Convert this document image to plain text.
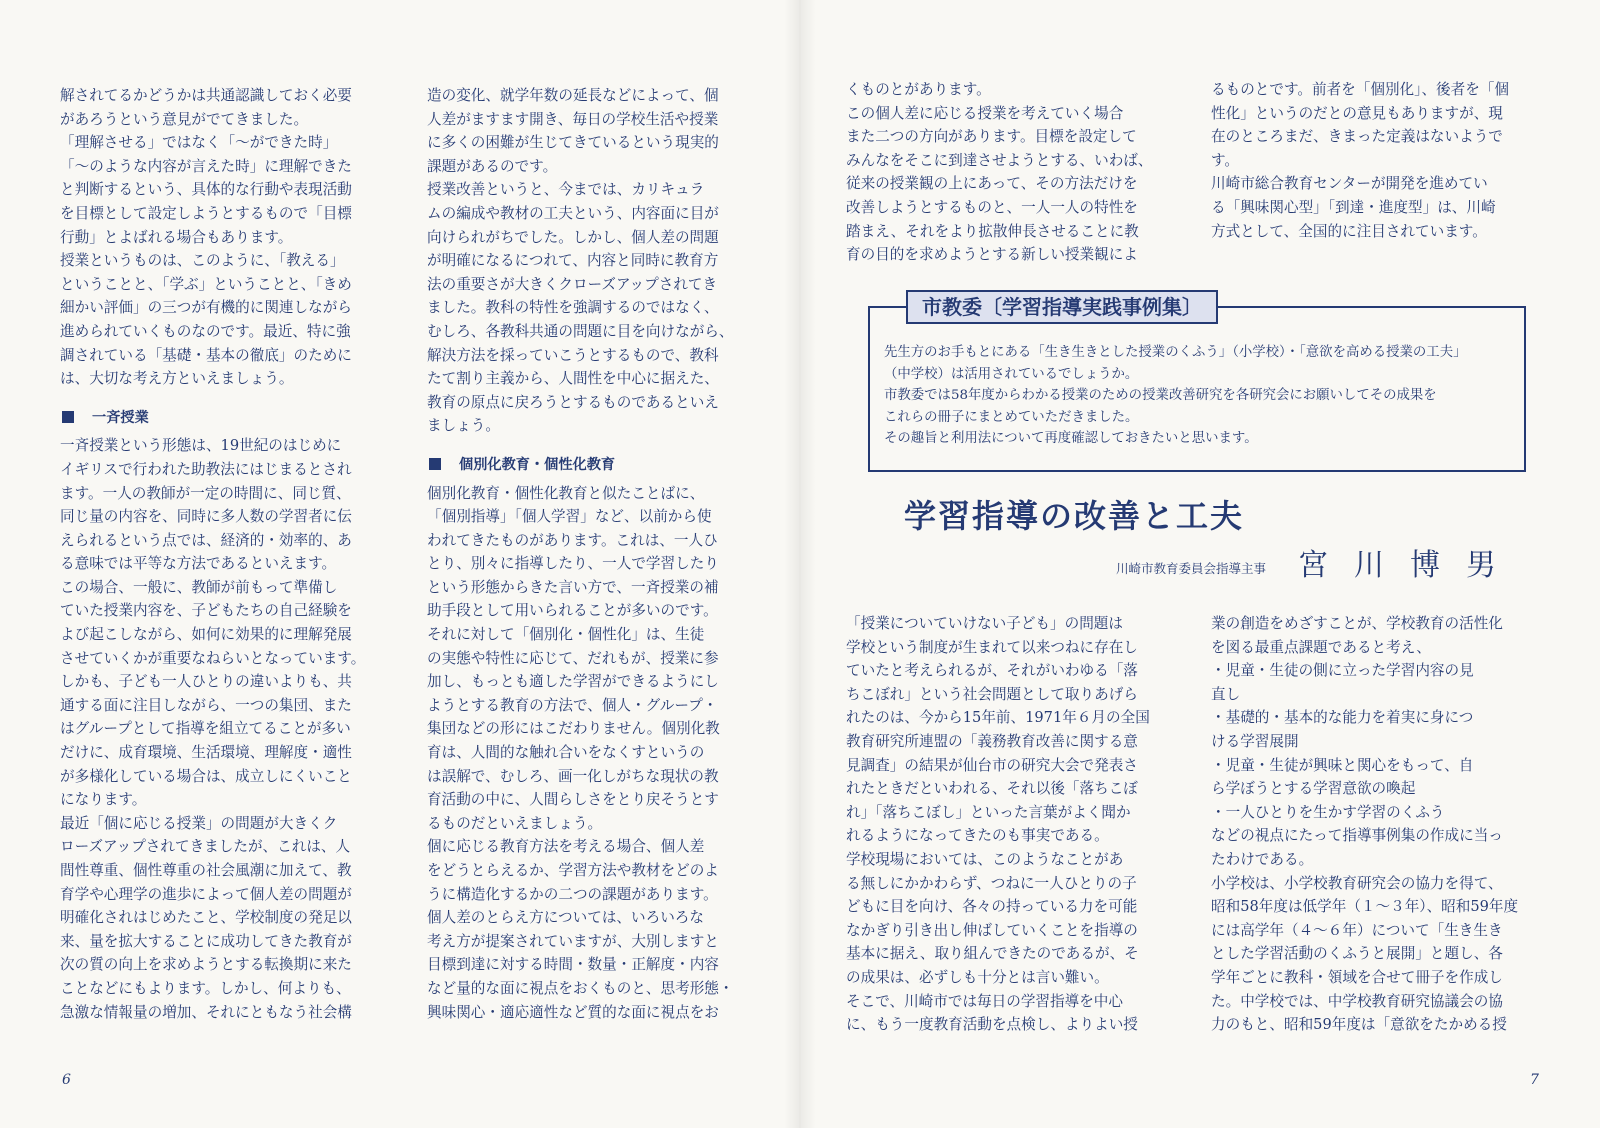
解されてるかどうかは共通認識しておく必要
があろうという意見がでてきました。
「理解させる」ではなく「～ができた時」
「～のような内容が言えた時」に理解できた
と判断するという、具体的な行動や表現活動
を目標として設定しようとするもので「目標
行動」とよばれる場合もあります。
授業というものは、このように、「教える」
ということと、「学ぶ」ということと、「きめ
細かい評価」の三つが有機的に関連しながら
進められていくものなのです。最近、特に強
調されている「基礎・基本の徹底」のために
は、大切な考え方といえましょう。
一斉授業
一斉授業という形態は、19世紀のはじめに
イギリスで行われた助教法にはじまるとされ
ます。一人の教師が一定の時間に、同じ質、
同じ量の内容を、同時に多人数の学習者に伝
えられるという点では、経済的・効率的、あ
る意味では平等な方法であるといえます。
この場合、一般に、教師が前もって準備し
ていた授業内容を、子どもたちの自己経験を
よび起こしながら、如何に効果的に理解発展
させていくかが重要なねらいとなっています。
しかも、子ども一人ひとりの違いよりも、共
通する面に注目しながら、一つの集団、また
はグループとして指導を組立てることが多い
だけに、成育環境、生活環境、理解度・適性
が多様化している場合は、成立しにくいこと
になります。
最近「個に応じる授業」の問題が大きくク
ローズアップされてきましたが、これは、人
間性尊重、個性尊重の社会風潮に加えて、教
育学や心理学の進歩によって個人差の問題が
明確化されはじめたこと、学校制度の発足以
来、量を拡大することに成功してきた教育が
次の質の向上を求めようとする転換期に来た
ことなどにもよります。しかし、何よりも、
急激な情報量の増加、それにともなう社会構
造の変化、就学年数の延長などによって、個
人差がますます開き、毎日の学校生活や授業
に多くの困難が生じてきているという現実的
課題があるのです。
授業改善というと、今までは、カリキュラ
ムの編成や教材の工夫という、内容面に目が
向けられがちでした。しかし、個人差の問題
が明確になるにつれて、内容と同時に教育方
法の重要さが大きくクローズアップされてき
ました。教科の特性を強調するのではなく、
むしろ、各教科共通の問題に目を向けながら、
解決方法を採っていこうとするもので、教科
たて割り主義から、人間性を中心に据えた、
教育の原点に戻ろうとするものであるといえ
ましょう。
個別化教育・個性化教育
個別化教育・個性化教育と似たことばに、
「個別指導」「個人学習」など、以前から使
われてきたものがあります。これは、一人ひ
とり、別々に指導したり、一人で学習したり
という形態からきた言い方で、一斉授業の補
助手段として用いられることが多いのです。
それに対して「個別化・個性化」は、生徒
の実態や特性に応じて、だれもが、授業に参
加し、もっとも適した学習ができるようにし
ようとする教育の方法で、個人・グループ・
集団などの形にはこだわりません。個別化教
育は、人間的な触れ合いをなくすというの
は誤解で、むしろ、画一化しがちな現状の教
育活動の中に、人間らしさをとり戻そうとす
るものだといえましょう。
個に応じる教育方法を考える場合、個人差
をどうとらえるか、学習方法や教材をどのよ
うに構造化するかの二つの課題があります。
個人差のとらえ方については、いろいろな
考え方が提案されていますが、大別しますと
目標到達に対する時間・数量・正解度・内容
など量的な面に視点をおくものと、思考形態・
興味関心・適応適性など質的な面に視点をお
6
くものとがあります。
この個人差に応じる授業を考えていく場合
また二つの方向があります。目標を設定して
みんなをそこに到達させようとする、いわば、
従来の授業観の上にあって、その方法だけを
改善しようとするものと、一人一人の特性を
踏まえ、それをより拡散伸長させることに教
育の目的を求めようとする新しい授業観によ
るものとです。前者を「個別化」、後者を「個
性化」というのだとの意見もありますが、現
在のところまだ、きまった定義はないようで
す。
川崎市総合教育センターが開発を進めてい
る「興味関心型」「到達・進度型」は、川崎
方式として、全国的に注目されています。
市教委〔学習指導実践事例集〕
先生方のお手もとにある「生き生きとした授業のくふう」（小学校）・「意欲を高める授業の工夫」
（中学校）は活用されているでしょうか。
市教委では58年度からわかる授業のための授業改善研究を各研究会にお願いしてその成果を
これらの冊子にまとめていただきました。
その趣旨と利用法について再度確認しておきたいと思います。
学習指導の改善と工夫
川崎市教育委員会指導主事 宮川博男
「授業についていけない子ども」の問題は
学校という制度が生まれて以来つねに存在し
ていたと考えられるが、それがいわゆる「落
ちこぼれ」という社会問題として取りあげら
れたのは、今から15年前、1971年６月の全国
教育研究所連盟の「義務教育改善に関する意
見調査」の結果が仙台市の研究大会で発表さ
れたときだといわれる、それ以後「落ちこぼ
れ」「落ちこぼし」といった言葉がよく聞か
れるようになってきたのも事実である。
学校現場においては、このようなことがあ
る無しにかかわらず、つねに一人ひとりの子
どもに目を向け、各々の持っている力を可能
なかぎり引き出し伸ばしていくことを指導の
基本に据え、取り組んできたのであるが、そ
の成果は、必ずしも十分とは言い難い。
そこで、川崎市では毎日の学習指導を中心
に、もう一度教育活動を点検し、よりよい授
業の創造をめざすことが、学校教育の活性化
を図る最重点課題であると考え、
・児童・生徒の側に立った学習内容の見
直し
・基礎的・基本的な能力を着実に身につ
ける学習展開
・児童・生徒が興味と関心をもって、自
ら学ぼうとする学習意欲の喚起
・一人ひとりを生かす学習のくふう
などの視点にたって指導事例集の作成に当っ
たわけである。
小学校は、小学校教育研究会の協力を得て、
昭和58年度は低学年（１～３年）、昭和59年度
には高学年（４～６年）について「生き生き
とした学習活動のくふうと展開」と題し、各
学年ごとに教科・領域を合せて冊子を作成し
た。中学校では、中学校教育研究協議会の協
力のもと、昭和59年度は「意欲をたかめる授
7
